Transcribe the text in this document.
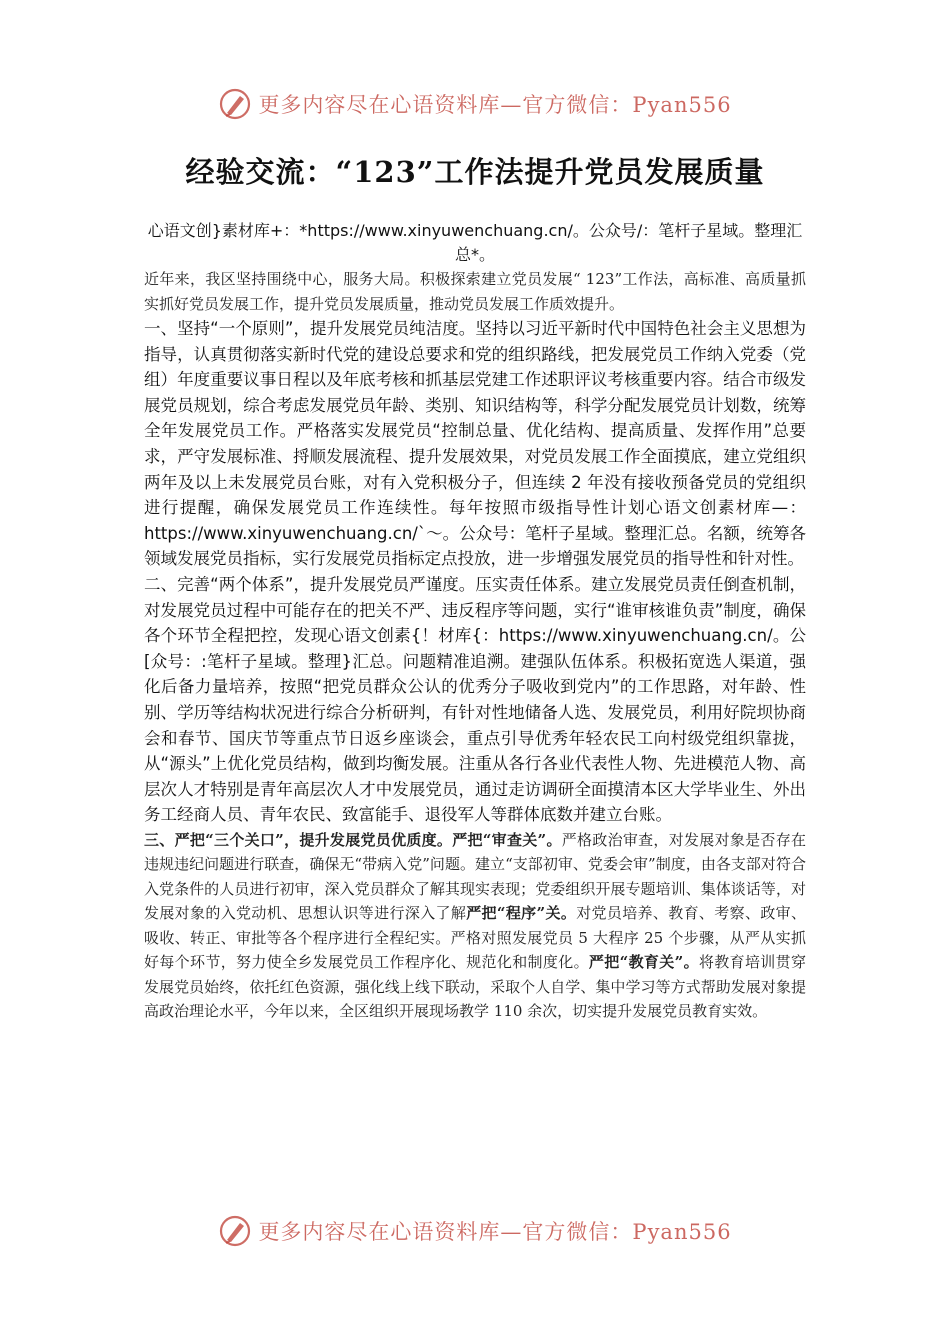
更多内容尽在心语资料库—官方微信：Pyan556
经验交流：“123”工作法提升党员发展质量

心语文创}素材库+：*https://www.xinyuwenchuang.cn/。公众号/：笔杆子星域。整理汇总*。

近年来，我区坚持围绕中心，服务大局。积极探索建立党员发展“ 123”工作法，高标准、高质量抓实抓好党员发展工作，提升党员发展质量，推动党员发展工作质效提升。

一、坚持“一个原则”，提升发展党员纯洁度。坚持以习近平新时代中国特色社会主义思想为指导，认真贯彻落实新时代党的建设总要求和党的组织路线，把发展党员工作纳入党委（党组）年度重要议事日程以及年底考核和抓基层党建工作述职评议考核重要内容。结合市级发展党员规划，综合考虑发展党员年龄、类别、知识结构等，科学分配发展党员计划数，统筹全年发展党员工作。严格落实发展党员“控制总量、优化结构、提高质量、发挥作用”总要求，严守发展标准、捋顺发展流程、提升发展效果，对党员发展工作全面摸底，建立党组织两年及以上未发展党员台账，对有入党积极分子，但连续 2 年没有接收预备党员的党组织进行提醒，确保发展党员工作连续性。每年按照市级指导性计划心语文创素材库—：https://www.xinyuwenchuang.cn/`～。公众号：笔杆子星域。整理汇总。名额，统筹各领域发展党员指标，实行发展党员指标定点投放，进一步增强发展党员的指导性和针对性。

二、完善“两个体系”，提升发展党员严谨度。压实责任体系。建立发展党员责任倒查机制，对发展党员过程中可能存在的把关不严、违反程序等问题，实行“谁审核谁负责”制度，确保各个环节全程把控，发现心语文创素{！材库{：https://www.xinyuwenchuang.cn/。公[众号：:笔杆子星域。整理}汇总。问题精准追溯。建强队伍体系。积极拓宽选人渠道，强化后备力量培养，按照“把党员群众公认的优秀分子吸收到党内”的工作思路，对年龄、性别、学历等结构状况进行综合分析研判，有针对性地储备人选、发展党员，利用好院坝协商会和春节、国庆节等重点节日返乡座谈会，重点引导优秀年轻农民工向村级党组织靠拢，从“源头”上优化党员结构，做到均衡发展。注重从各行各业代表性人物、先进模范人物、高层次人才特别是青年高层次人才中发展党员，通过走访调研全面摸清本区大学毕业生、外出务工经商人员、青年农民、致富能手、退役军人等群体底数并建立台账。

三、严把“三个关口”，提升发展党员优质度。严把“审查关”。严格政治审查，对发展对象是否存在违规违纪问题进行联查，确保无“带病入党”问题。建立“支部初审、党委会审”制度，由各支部对符合入党条件的人员进行初审，深入党员群众了解其现实表现；党委组织开展专题培训、集体谈话等，对发展对象的入党动机、思想认识等进行深入了解严把“程序”关。对党员培养、教育、考察、政审、吸收、转正、审批等各个程序进行全程纪实。严格对照发展党员 5 大程序 25 个步骤，从严从实抓好每个环节，努力使全乡发展党员工作程序化、规范化和制度化。严把“教育关”。将教育培训贯穿发展党员始终，依托红色资源，强化线上线下联动，采取个人自学、集中学习等方式帮助发展对象提高政治理论水平，今年以来，全区组织开展现场教学 110 余次，切实提升发展党员教育实效。

更多内容尽在心语资料库—官方微信：Pyan556
